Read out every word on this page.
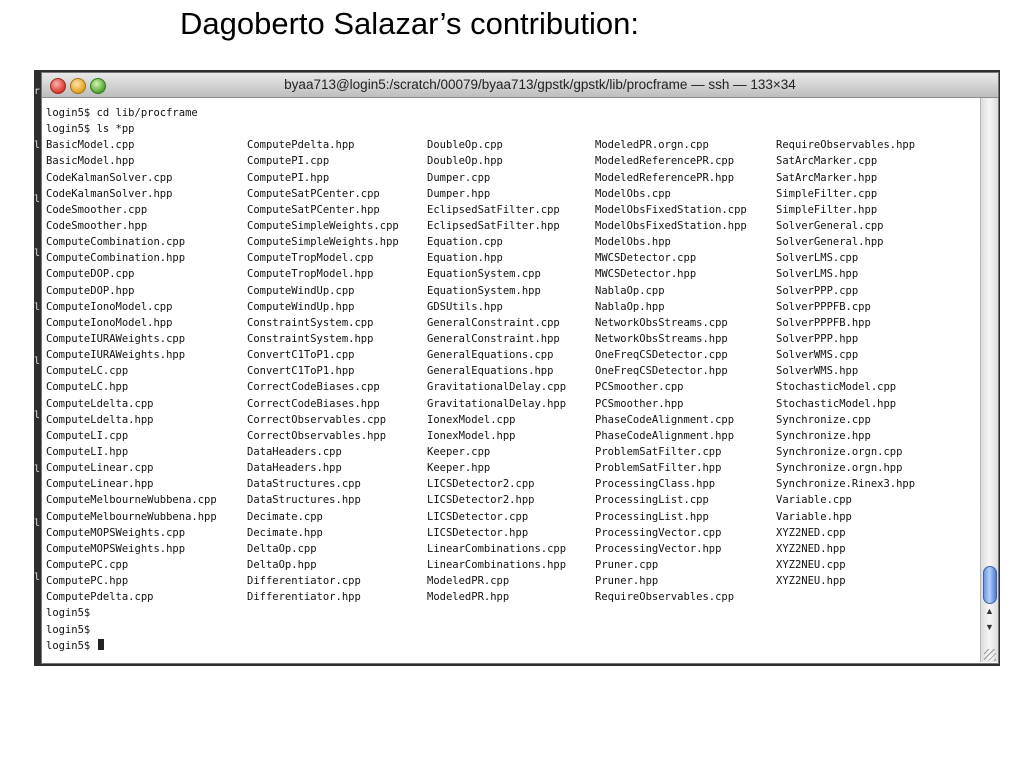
Dagoberto Salazar’s contribution:
r
l
l
l
l
l
l
l
l
l
byaa713@login5:/scratch/00079/byaa713/gpstk/gpstk/lib/procframe — ssh — 133×34
login5$ cd lib/procframe
login5$ ls *pp
BasicModel.cpp
BasicModel.hpp
CodeKalmanSolver.cpp
CodeKalmanSolver.hpp
CodeSmoother.cpp
CodeSmoother.hpp
ComputeCombination.cpp
ComputeCombination.hpp
ComputeDOP.cpp
ComputeDOP.hpp
ComputeIonoModel.cpp
ComputeIonoModel.hpp
ComputeIURAWeights.cpp
ComputeIURAWeights.hpp
ComputeLC.cpp
ComputeLC.hpp
ComputeLdelta.cpp
ComputeLdelta.hpp
ComputeLI.cpp
ComputeLI.hpp
ComputeLinear.cpp
ComputeLinear.hpp
ComputeMelbourneWubbena.cpp
ComputeMelbourneWubbena.hpp
ComputeMOPSWeights.cpp
ComputeMOPSWeights.hpp
ComputePC.cpp
ComputePC.hpp
ComputePdelta.cpp
ComputePdelta.hpp
ComputePI.cpp
ComputePI.hpp
ComputeSatPCenter.cpp
ComputeSatPCenter.hpp
ComputeSimpleWeights.cpp
ComputeSimpleWeights.hpp
ComputeTropModel.cpp
ComputeTropModel.hpp
ComputeWindUp.cpp
ComputeWindUp.hpp
ConstraintSystem.cpp
ConstraintSystem.hpp
ConvertC1ToP1.cpp
ConvertC1ToP1.hpp
CorrectCodeBiases.cpp
CorrectCodeBiases.hpp
CorrectObservables.cpp
CorrectObservables.hpp
DataHeaders.cpp
DataHeaders.hpp
DataStructures.cpp
DataStructures.hpp
Decimate.cpp
Decimate.hpp
DeltaOp.cpp
DeltaOp.hpp
Differentiator.cpp
Differentiator.hpp
DoubleOp.cpp
DoubleOp.hpp
Dumper.cpp
Dumper.hpp
EclipsedSatFilter.cpp
EclipsedSatFilter.hpp
Equation.cpp
Equation.hpp
EquationSystem.cpp
EquationSystem.hpp
GDSUtils.hpp
GeneralConstraint.cpp
GeneralConstraint.hpp
GeneralEquations.cpp
GeneralEquations.hpp
GravitationalDelay.cpp
GravitationalDelay.hpp
IonexModel.cpp
IonexModel.hpp
Keeper.cpp
Keeper.hpp
LICSDetector2.cpp
LICSDetector2.hpp
LICSDetector.cpp
LICSDetector.hpp
LinearCombinations.cpp
LinearCombinations.hpp
ModeledPR.cpp
ModeledPR.hpp
ModeledPR.orgn.cpp
ModeledReferencePR.cpp
ModeledReferencePR.hpp
ModelObs.cpp
ModelObsFixedStation.cpp
ModelObsFixedStation.hpp
ModelObs.hpp
MWCSDetector.cpp
MWCSDetector.hpp
NablaOp.cpp
NablaOp.hpp
NetworkObsStreams.cpp
NetworkObsStreams.hpp
OneFreqCSDetector.cpp
OneFreqCSDetector.hpp
PCSmoother.cpp
PCSmoother.hpp
PhaseCodeAlignment.cpp
PhaseCodeAlignment.hpp
ProblemSatFilter.cpp
ProblemSatFilter.hpp
ProcessingClass.hpp
ProcessingList.cpp
ProcessingList.hpp
ProcessingVector.cpp
ProcessingVector.hpp
Pruner.cpp
Pruner.hpp
RequireObservables.cpp
RequireObservables.hpp
SatArcMarker.cpp
SatArcMarker.hpp
SimpleFilter.cpp
SimpleFilter.hpp
SolverGeneral.cpp
SolverGeneral.hpp
SolverLMS.cpp
SolverLMS.hpp
SolverPPP.cpp
SolverPPPFB.cpp
SolverPPPFB.hpp
SolverPPP.hpp
SolverWMS.cpp
SolverWMS.hpp
StochasticModel.cpp
StochasticModel.hpp
Synchronize.cpp
Synchronize.hpp
Synchronize.orgn.cpp
Synchronize.orgn.hpp
Synchronize.Rinex3.hpp
Variable.cpp
Variable.hpp
XYZ2NED.cpp
XYZ2NED.hpp
XYZ2NEU.cpp
XYZ2NEU.hpp
login5$
login5$
login5$
▲
▼
